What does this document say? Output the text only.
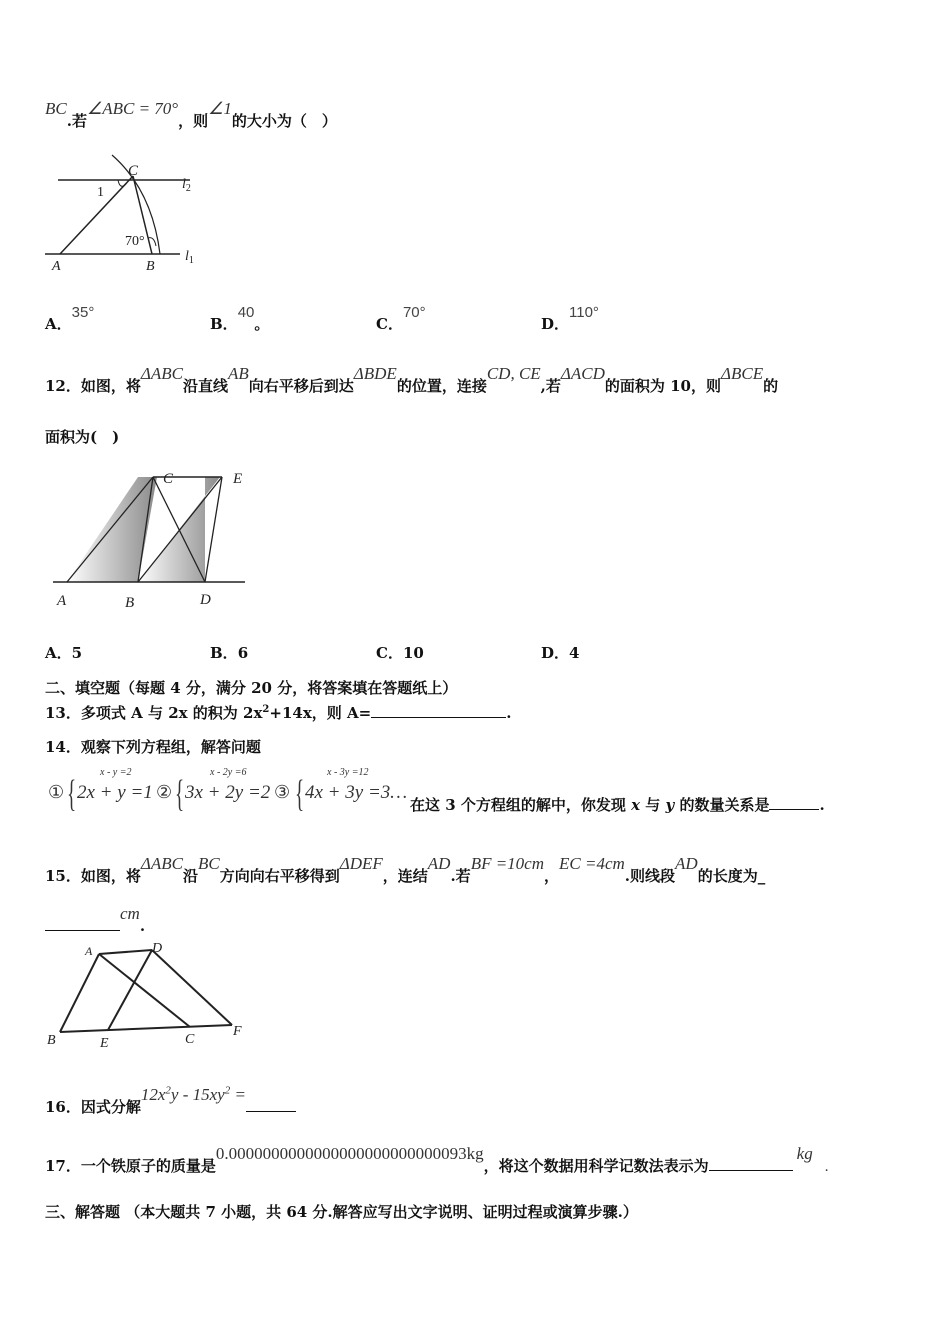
BC.若∠ABC = 70°，则∠1的大小为（　）
C
$l_2$
1
70°
$l_1$
A	B
A．35°
B．40。	C．70°
D．110°
12．如图，将ΔABC沿直线AB向右平移后到达ΔBDE的位置，连接CD, CE,若ΔACD的面积为 10，则ΔBCE的
面积为(　)
C	E
A	B	D
A．5	B．6	C．10	D．4
二、填空题（每题 4 分，满分 20 分，将答案填在答题纸上）
13．多项式 A 与 2x 的积为 $2x^2+14x$，则 A=	.
14．观察下列方程组，解答问题
① {
x - y =2
2x + y =1 ② {
x - 2y =6
3x + 2y =2 ③ {
x - 3y =12
4x + 3y =3…
在这 3 个方程组的解中，你发现 x 与 y 的数量关系是	.
15．如图，将ΔABC沿BC方向向右平移得到ΔDEF，连结AD.若BF =10cm，EC =4cm.则线段AD的长度为_
cm.
A	D
B	E	C
F
16．因式分解$12x^2y - 15xy^2$ =
17．一个铁原子的质量是0.0000000000000000000000000093kg，将这个数据用科学记数法表示为kg.
三、解答题 （本大题共 7 小题，共 64 分.解答应写出文字说明、证明过程或演算步骤.）
